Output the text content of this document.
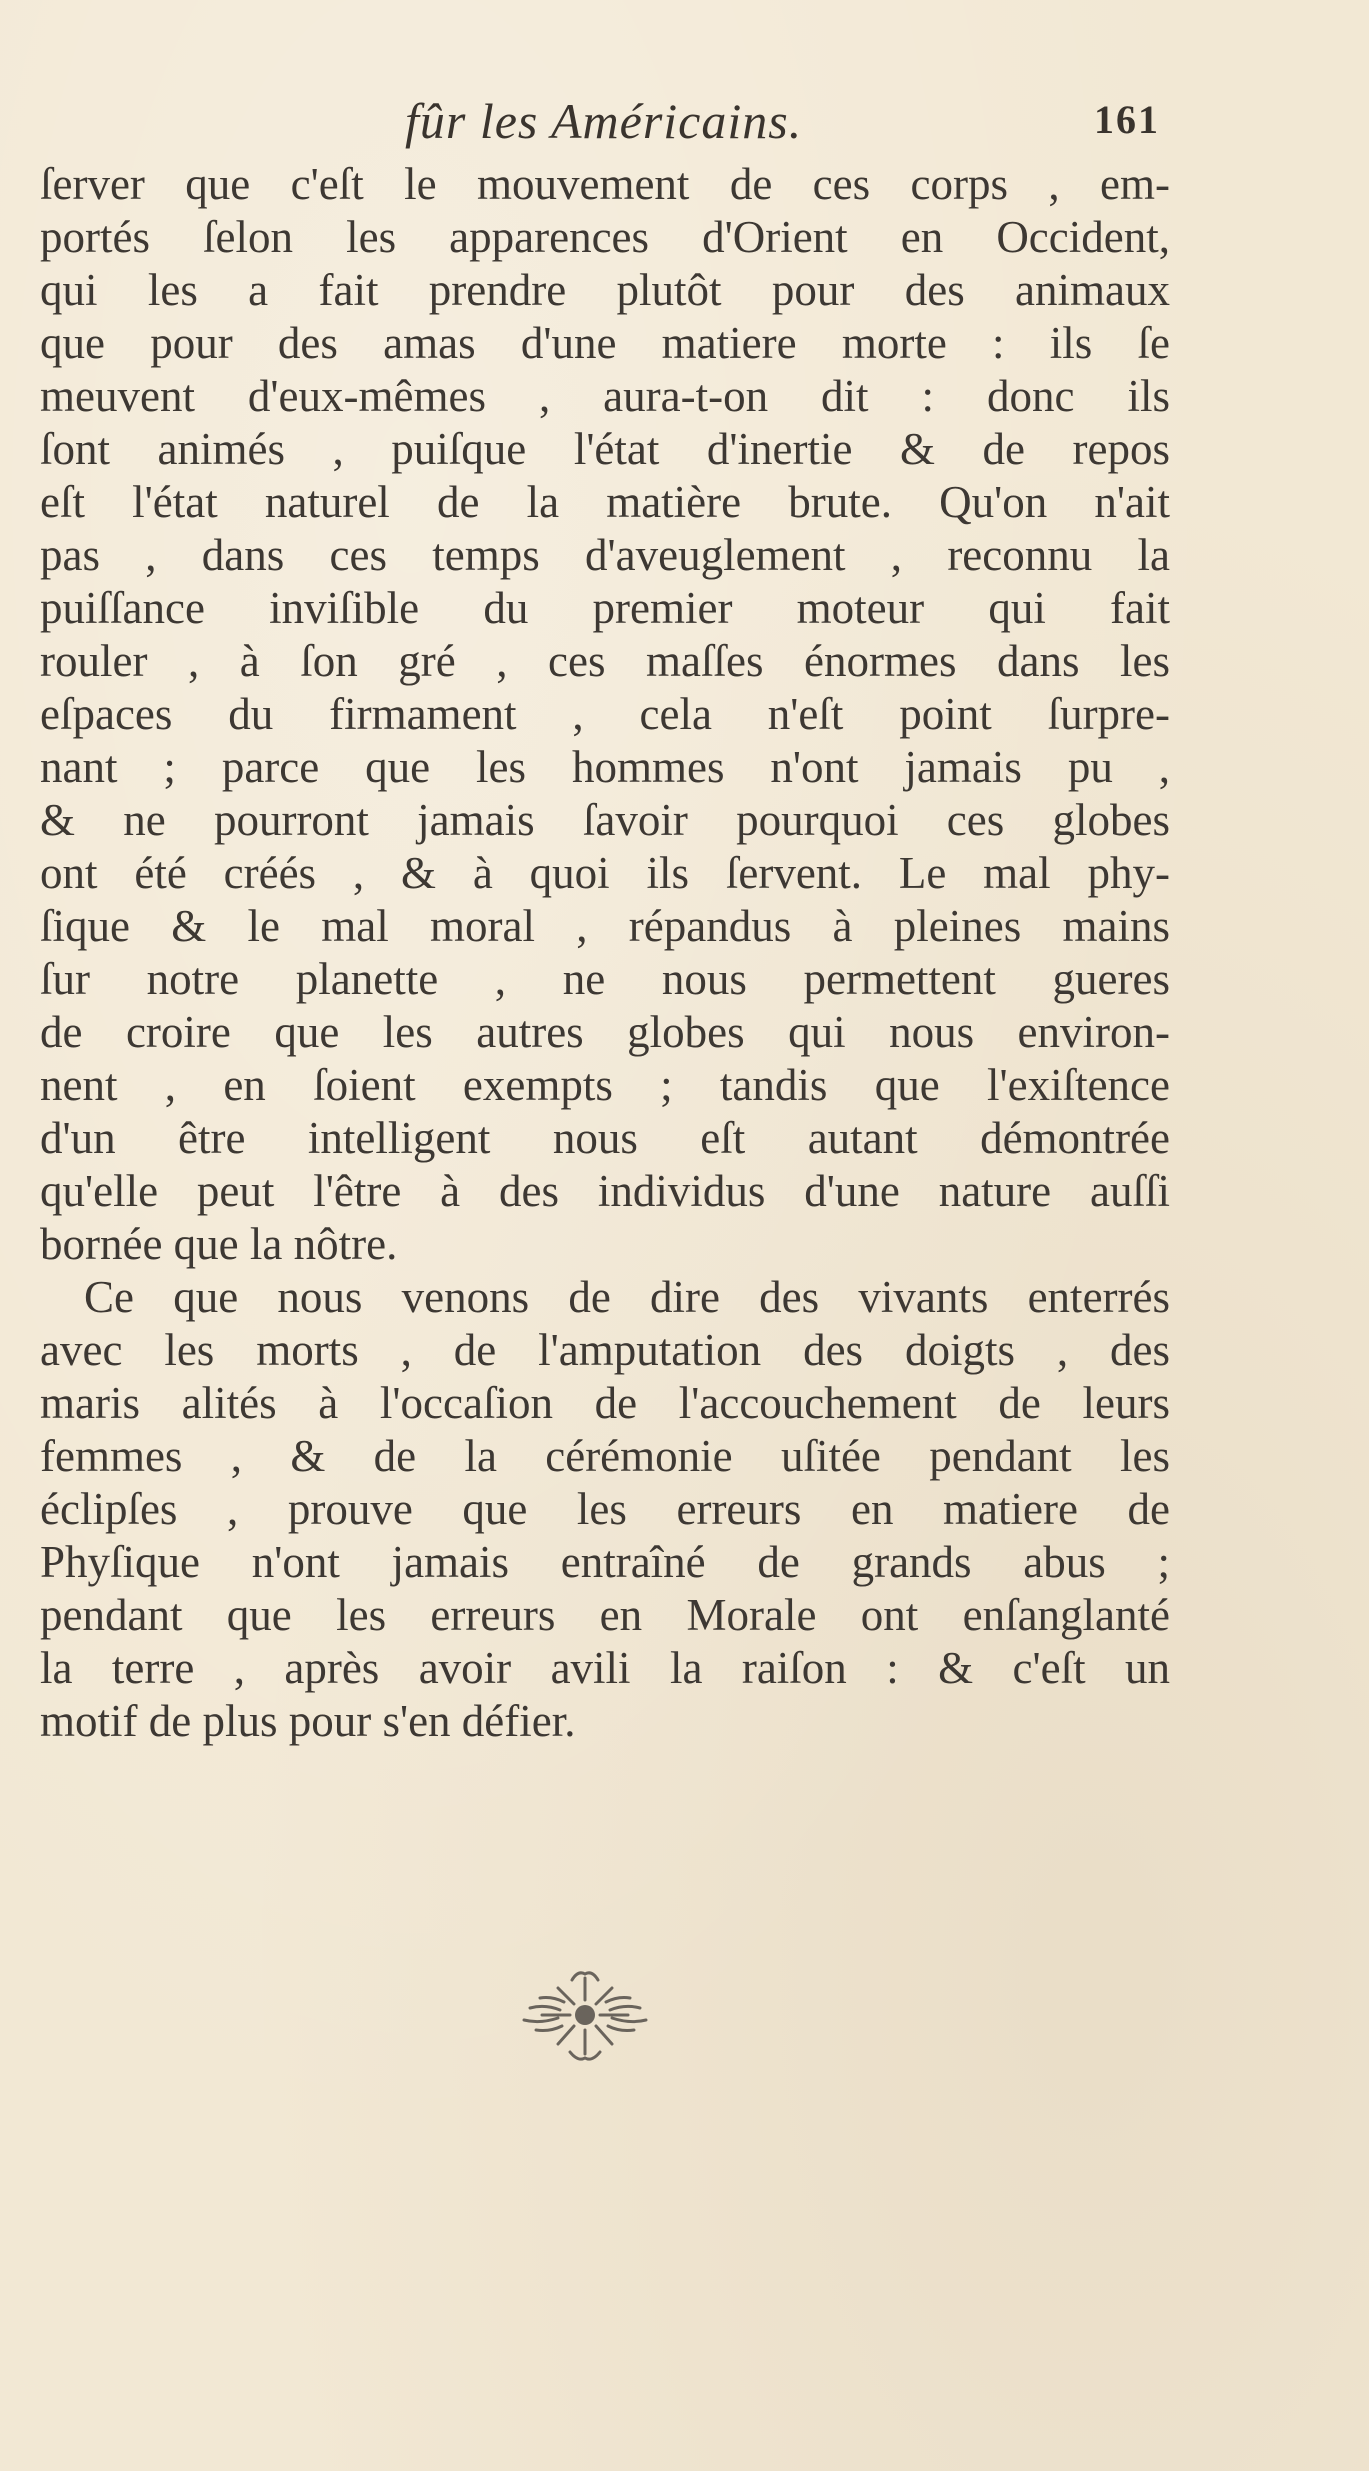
fûr les Américains.	161
ſerver que c'eſt le mouvement de ces corps , em-
portés ſelon les apparences d'Orient en Occident,
qui les a fait prendre plutôt pour des animaux
que pour des amas d'une matiere morte : ils ſe
meuvent d'eux-mêmes , aura-t-on dit : donc ils
ſont animés , puiſque l'état d'inertie & de repos
eſt l'état naturel de la matière brute. Qu'on n'ait
pas , dans ces temps d'aveuglement , reconnu la
puiſſance inviſible du premier moteur qui fait
rouler , à ſon gré , ces maſſes énormes dans les
eſpaces du firmament , cela n'eſt point ſurpre-
nant ; parce que les hommes n'ont jamais pu ,
& ne pourront jamais ſavoir pourquoi ces globes
ont été créés , & à quoi ils ſervent. Le mal phy-
ſique & le mal moral , répandus à pleines mains
ſur notre planette , ne nous permettent gueres
de croire que les autres globes qui nous environ-
nent , en ſoient exempts ; tandis que l'exiſtence
d'un être intelligent nous eſt autant démontrée
qu'elle peut l'être à des individus d'une nature auſſi
bornée que la nôtre.
Ce que nous venons de dire des vivants enterrés
avec les morts , de l'amputation des doigts , des
maris alités à l'occaſion de l'accouchement de leurs
femmes , & de la cérémonie uſitée pendant les
éclipſes , prouve que les erreurs en matiere de
Phyſique n'ont jamais entraîné de grands abus ;
pendant que les erreurs en Morale ont enſanglanté
la terre , après avoir avili la raiſon : & c'eſt un
motif de plus pour s'en défier.
